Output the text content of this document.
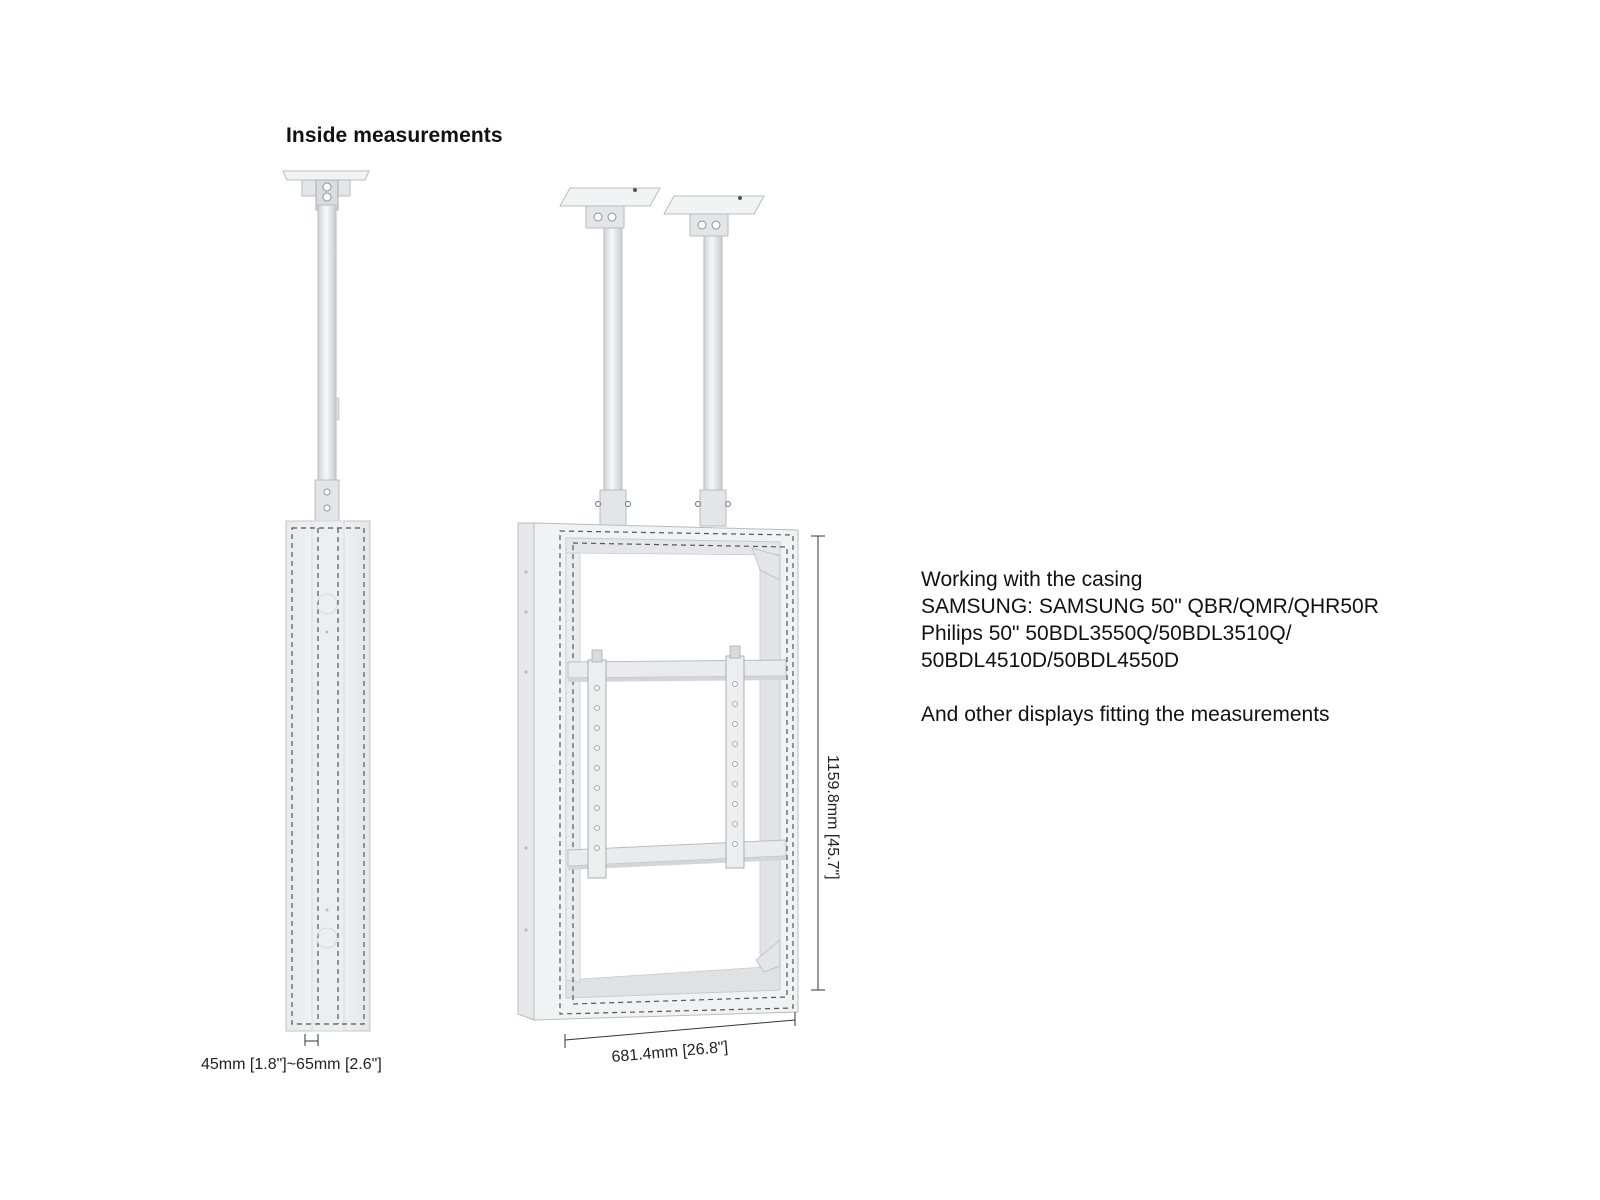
Inside measurements
45mm [1.8"]~65mm [2.6"]	681.4mm [26.8"]
1159.8mm [45.7"]
Working with the casing
SAMSUNG: SAMSUNG 50" QBR/QMR/QHR50R
Philips 50" 50BDL3550Q/50BDL3510Q/
50BDL4510D/50BDL4550D
And other displays fitting the measurements
